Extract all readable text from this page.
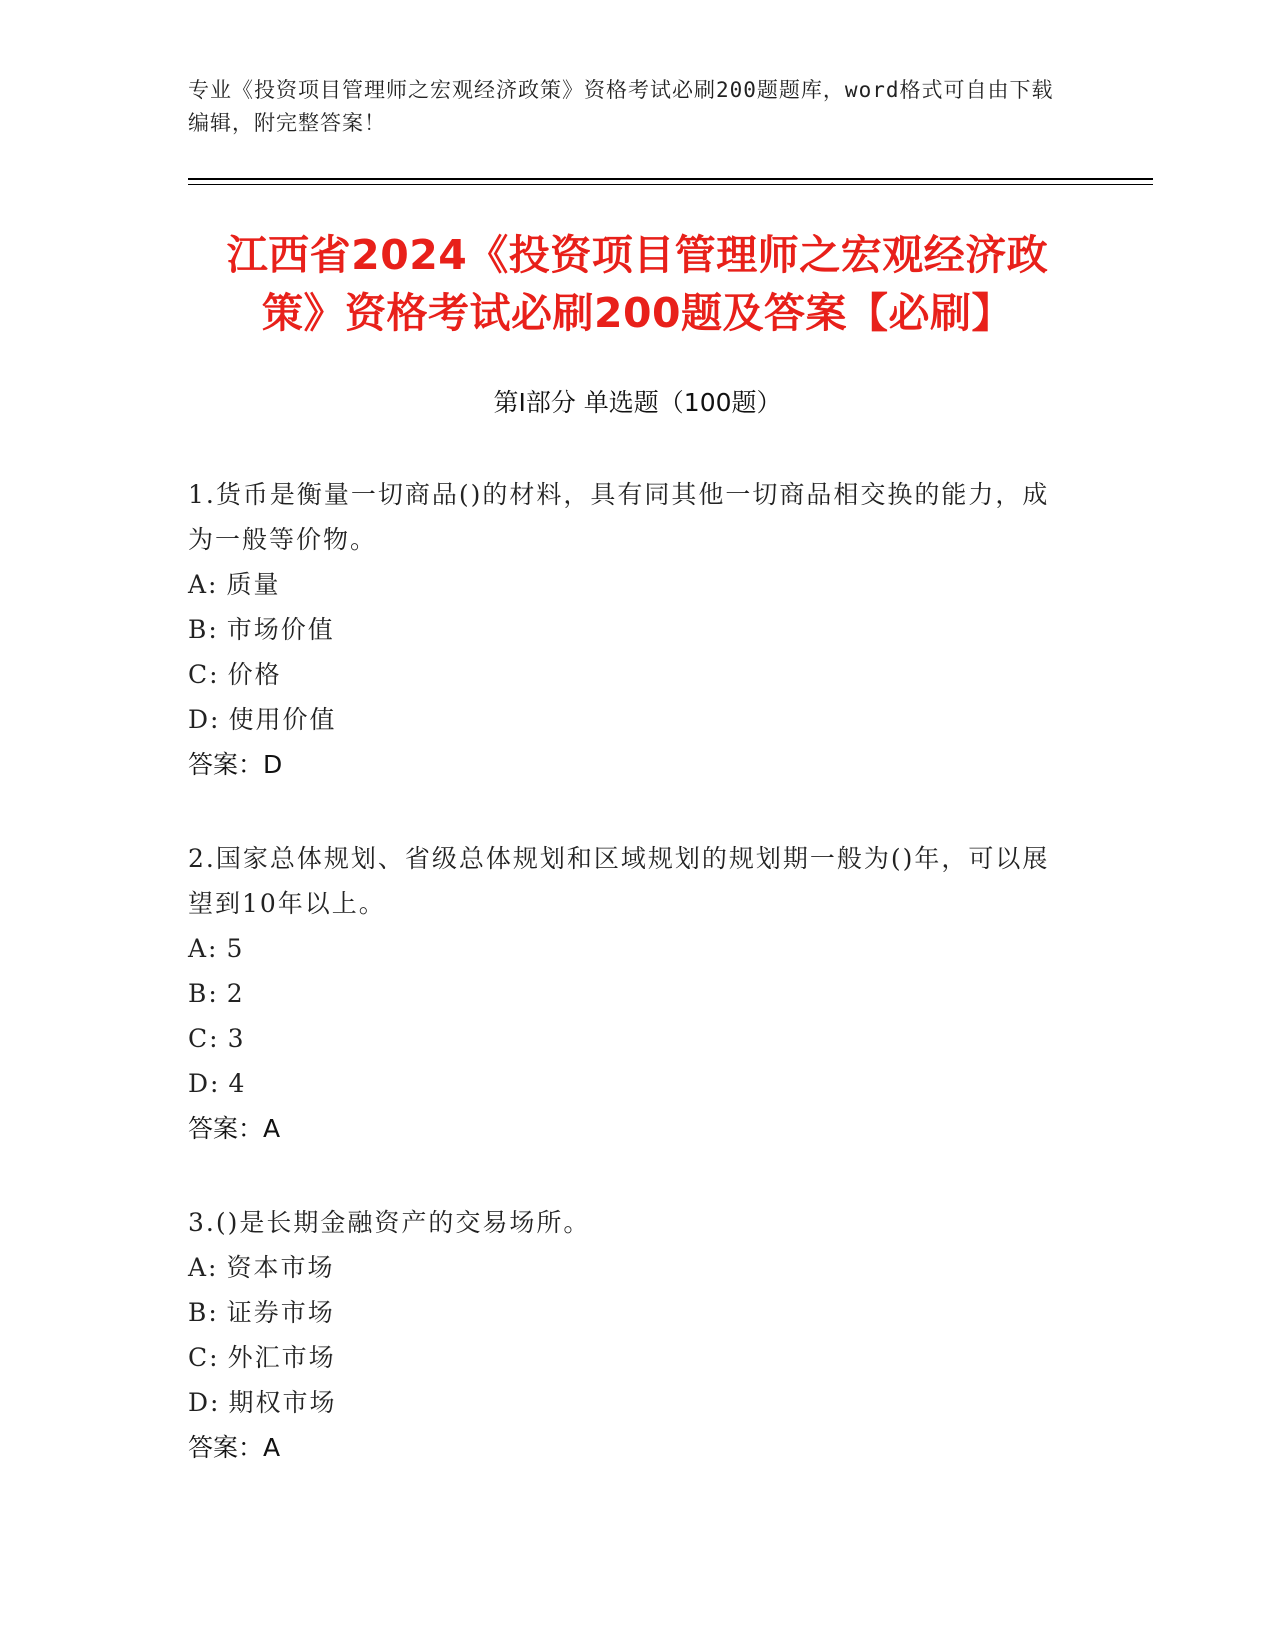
专业《投资项目管理师之宏观经济政策》资格考试必刷200题题库，word格式可自由下载编辑，附完整答案！
江西省2024《投资项目管理师之宏观经济政
策》资格考试必刷200题及答案【必刷】
第I部分 单选题（100题）
1.货币是衡量一切商品()的材料，具有同其他一切商品相交换的能力，成为一般等价物。
A: 质量
B: 市场价值
C: 价格
D: 使用价值
答案：D
2.国家总体规划、省级总体规划和区域规划的规划期一般为()年，可以展望到10年以上。
A: 5
B: 2
C: 3
D: 4
答案：A
3.()是长期金融资产的交易场所。
A: 资本市场
B: 证券市场
C: 外汇市场
D: 期权市场
答案：A
